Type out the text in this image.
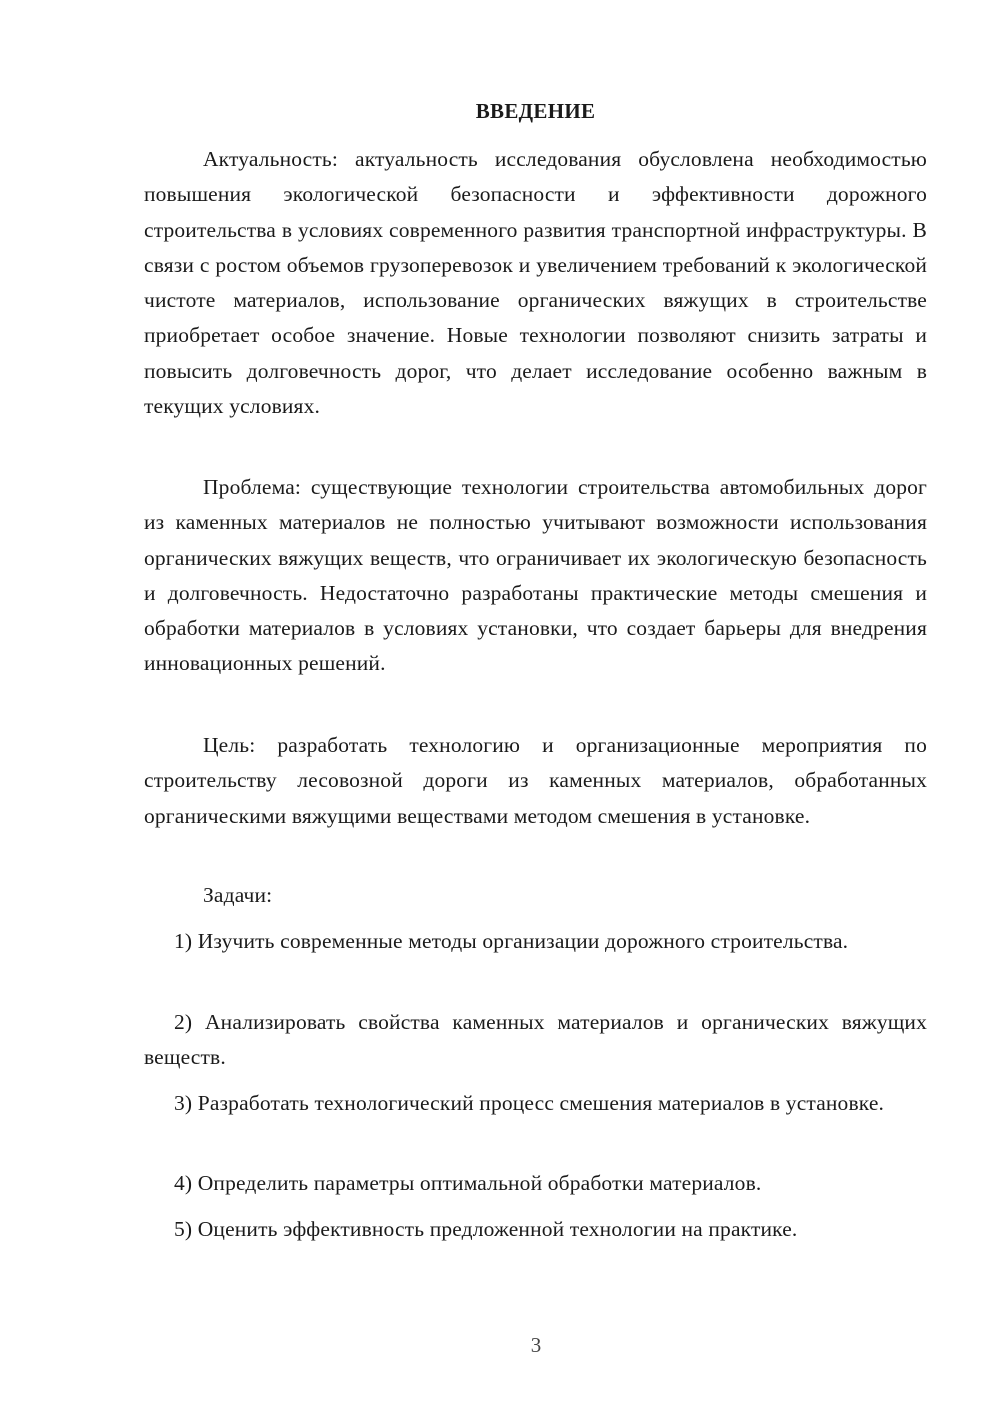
ВВЕДЕНИЕ

Актуальность: актуальность исследования обусловлена необходимостью повышения экологической безопасности и эффективности дорожного строительства в условиях современного развития транспортной инфраструктуры. В связи с ростом объемов грузоперевозок и увеличением требований к экологической чистоте материалов, использование органических вяжущих в строительстве приобретает особое значение. Новые технологии позволяют снизить затраты и повысить долговечность дорог, что делает исследование особенно важным в текущих условиях.

Проблема: существующие технологии строительства автомобильных дорог из каменных материалов не полностью учитывают возможности использования органических вяжущих веществ, что ограничивает их экологическую безопасность и долговечность. Недостаточно разработаны практические методы смешения и обработки материалов в условиях установки, что создает барьеры для внедрения инновационных решений.

Цель: разработать технологию и организационные мероприятия по строительству лесовозной дороги из каменных материалов, обработанных органическими вяжущими веществами методом смешения в установке.

Задачи:

1) Изучить современные методы организации дорожного строительства.

2) Анализировать свойства каменных материалов и органических вяжущих веществ.

3) Разработать технологический процесс смешения материалов в установке.

4) Определить параметры оптимальной обработки материалов.

5) Оценить эффективность предложенной технологии на практике.

3
